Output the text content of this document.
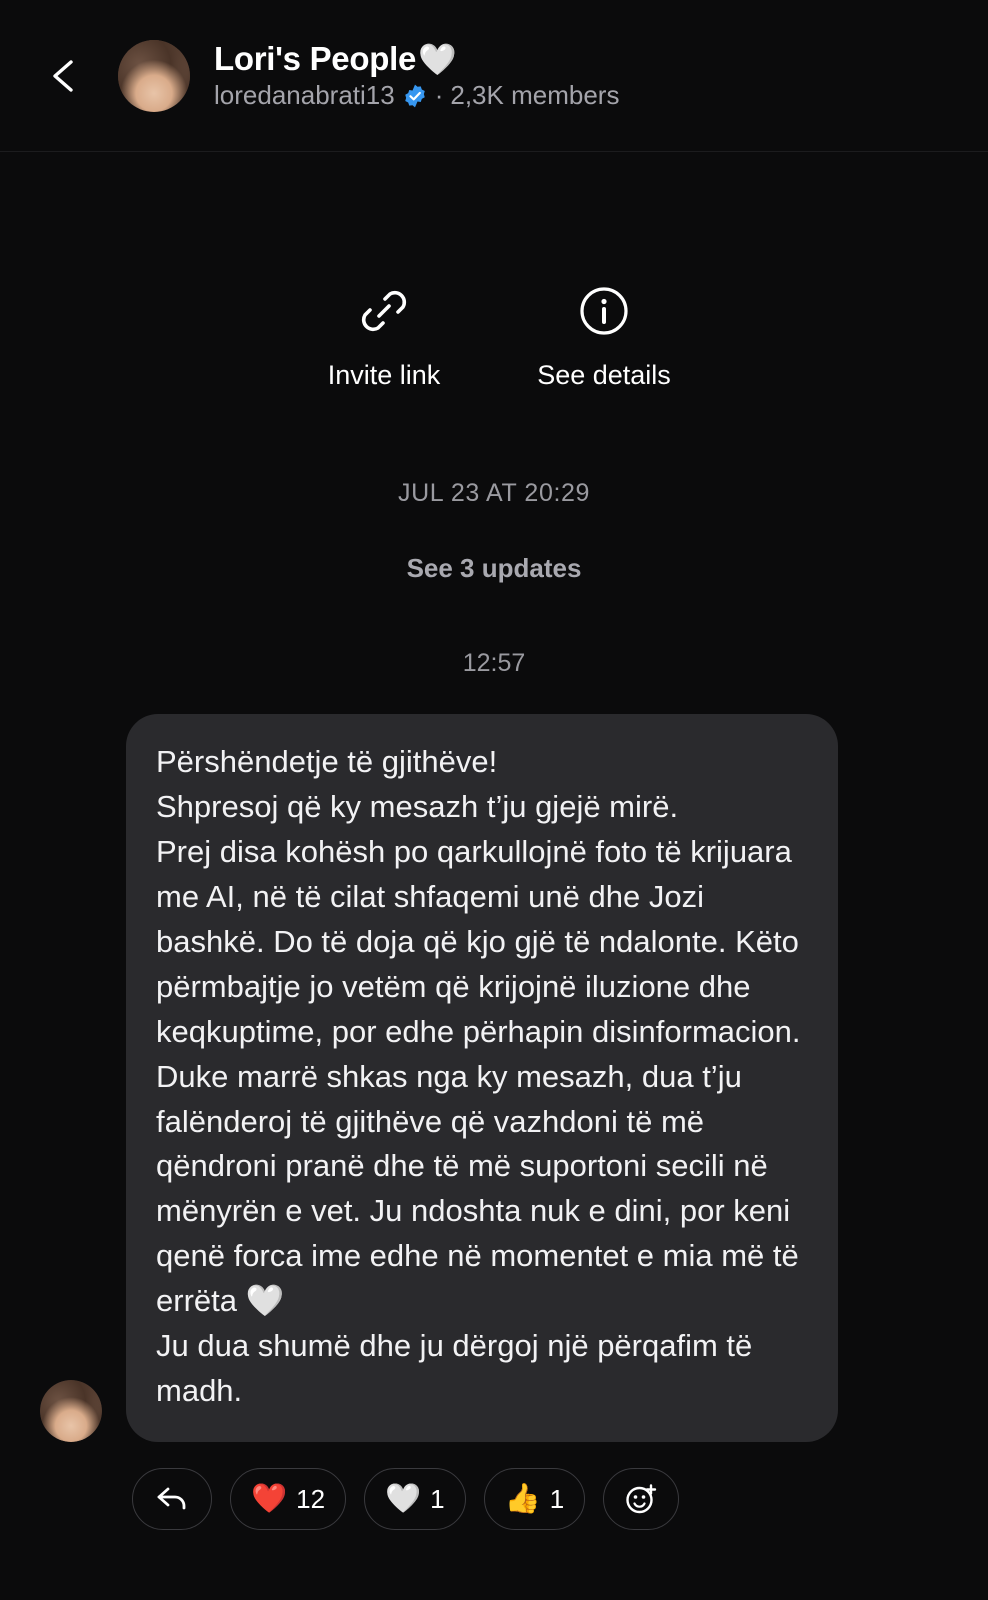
Lori's People 🤍
loredanabrati13 · 2,3K members
Invite link	See details
JUL 23 AT 20:29
See 3 updates
12:57

Përshëndetje të gjithëve!

Shpresoj që ky mesazh t’ju gjejë mirë.

Prej disa kohësh po qarkullojnë foto të krijuara me AI, në të cilat shfaqemi unë dhe Jozi bashkë. Do të doja që kjo gjë të ndalonte. Këto përmbajtje jo vetëm që krijojnë iluzione dhe keqkuptime, por edhe përhapin disinformacion.

Duke marrë shkas nga ky mesazh, dua t’ju falënderoj të gjithëve që vazhdoni të më qëndroni pranë dhe të më suportoni secili në mënyrën e vet. Ju ndoshta nuk e dini, por keni qenë forca ime edhe në momentet e mia më të errëta 🤍

Ju dua shumë dhe ju dërgoj një përqafim të madh.

❤️ 12 🤍 1 👍 1
